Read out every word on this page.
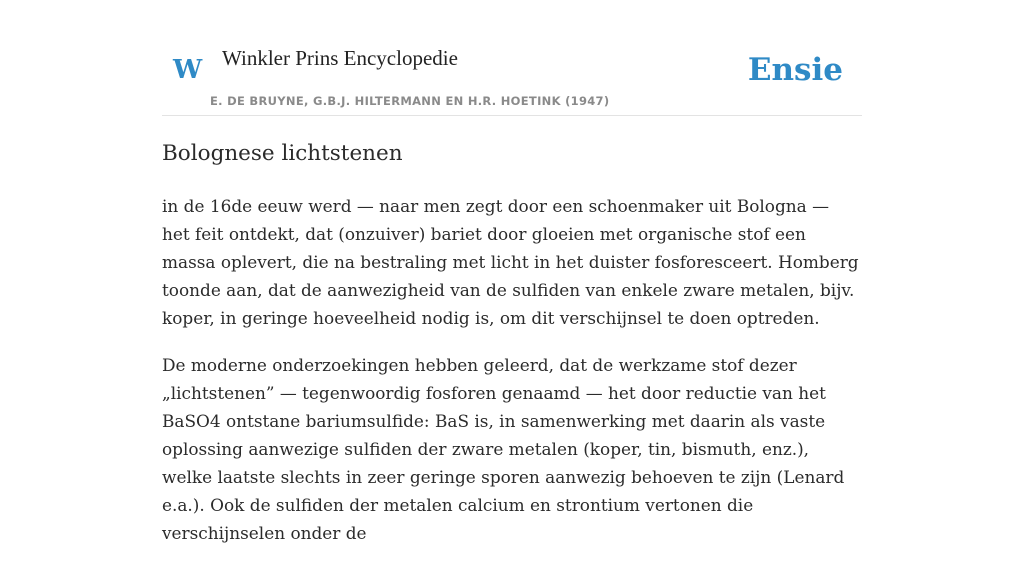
W Winkler Prins Encyclopedie	Ensie
E. DE BRUYNE, G.B.J. HILTERMANN EN H.R. HOETINK (1947)
Bolognese lichtstenen

in de 16de eeuw werd — naar men zegt door een schoenmaker uit Bologna — het feit ontdekt, dat (onzuiver) bariet door gloeien met organische stof een massa oplevert, die na bestraling met licht in het duister fosforesceert. Homberg toonde aan, dat de aanwezigheid van de sulfiden van enkele zware metalen, bijv. koper, in geringe hoeveelheid nodig is, om dit verschijnsel te doen optreden.

De moderne onderzoekingen hebben geleerd, dat de werkzame stof dezer „lichtstenen” — tegenwoordig fosforen genaamd — het door reductie van het BaSO4 ontstane bariumsulfide: BaS is, in samenwerking met daarin als vaste oplossing aanwezige sulfiden der zware metalen (koper, tin, bismuth, enz.), welke laatste slechts in zeer geringe sporen aanwezig behoeven te zijn (Lenard e.a.). Ook de sulfiden der metalen calcium en strontium vertonen die verschijnselen onder de
